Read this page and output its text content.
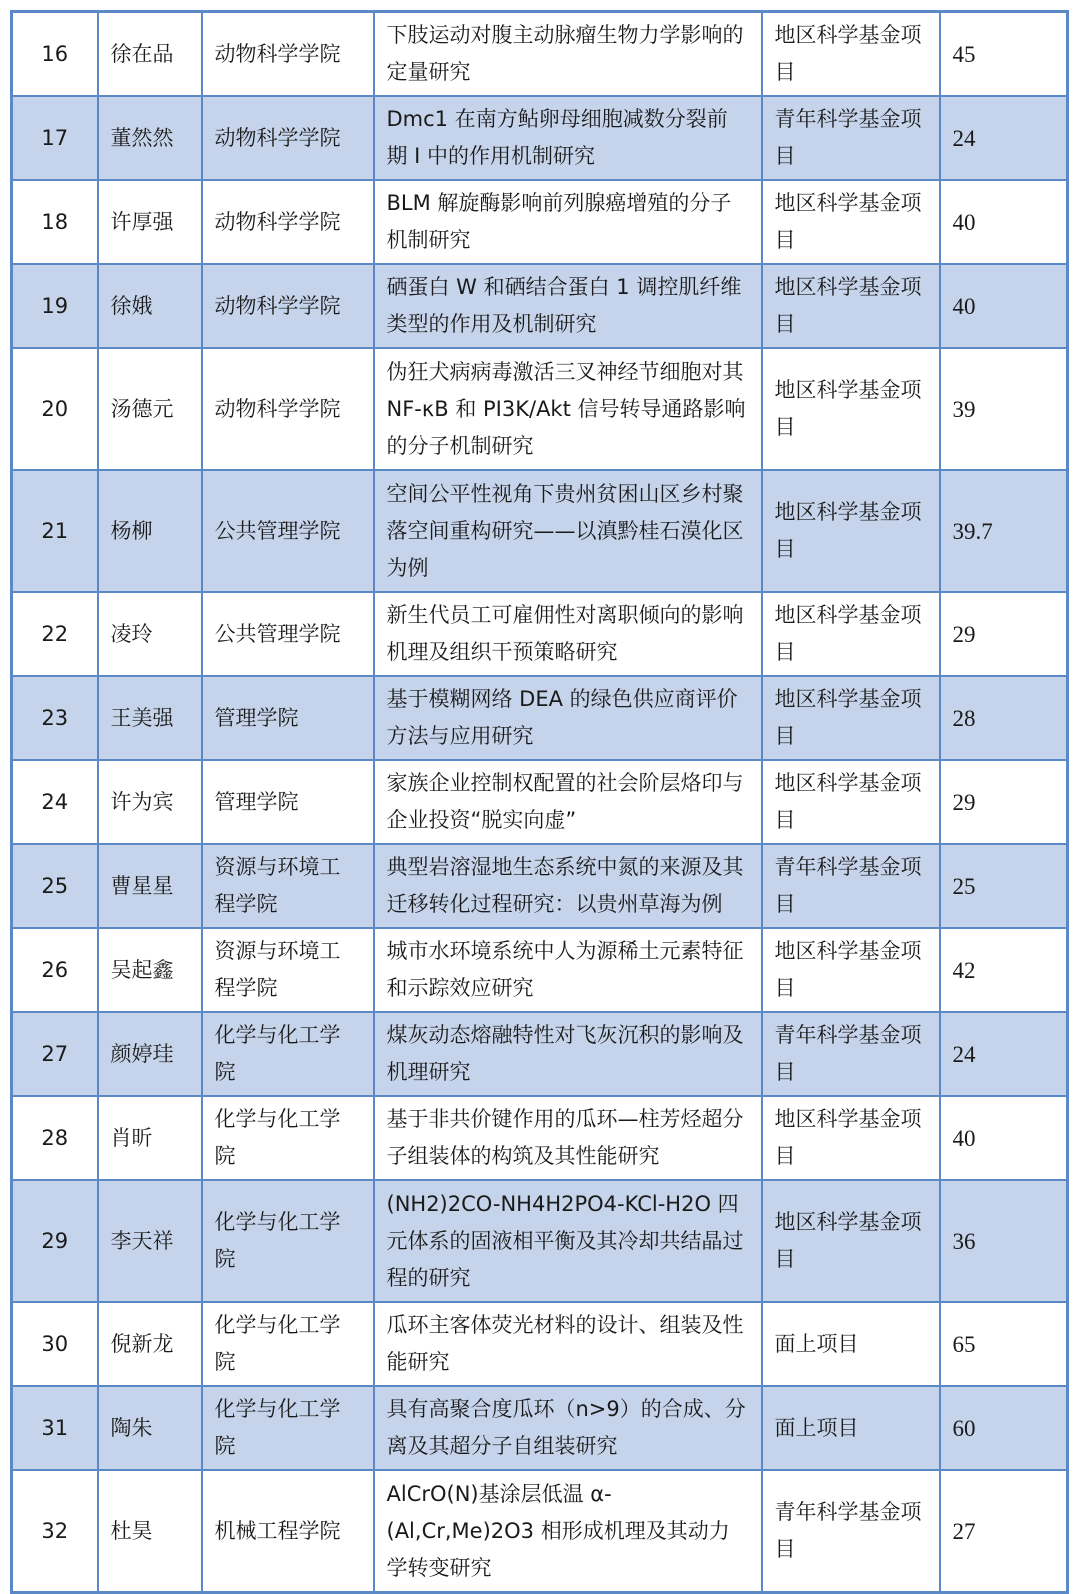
16	徐在品	动物科学学院	下肢运动对腹主动脉瘤生物力学影响的定量研究	地区科学基金项目	45
17	董然然	动物科学学院	Dmc1 在南方鲇卵母细胞减数分裂前期 I 中的作用机制研究	青年科学基金项目	24
18	许厚强	动物科学学院	BLM 解旋酶影响前列腺癌增殖的分子机制研究	地区科学基金项目	40
19	徐娥	动物科学学院	硒蛋白 W 和硒结合蛋白 1 调控肌纤维类型的作用及机制研究	地区科学基金项目	40
20	汤德元	动物科学学院	伪狂犬病病毒激活三叉神经节细胞对其 NF-κB 和 PI3K/Akt 信号转导通路影响的分子机制研究	地区科学基金项目	39
21	杨柳	公共管理学院	空间公平性视角下贵州贫困山区乡村聚落空间重构研究——以滇黔桂石漠化区为例	地区科学基金项目	39.7
22	凌玲	公共管理学院	新生代员工可雇佣性对离职倾向的影响机理及组织干预策略研究	地区科学基金项目	29
23	王美强	管理学院	基于模糊网络 DEA 的绿色供应商评价方法与应用研究	地区科学基金项目	28
24	许为宾	管理学院	家族企业控制权配置的社会阶层烙印与企业投资“脱实向虚”	地区科学基金项目	29
25	曹星星	资源与环境工程学院	典型岩溶湿地生态系统中氮的来源及其迁移转化过程研究：以贵州草海为例	青年科学基金项目	25
26	吴起鑫	资源与环境工程学院	城市水环境系统中人为源稀土元素特征和示踪效应研究	地区科学基金项目	42
27	颜婷珪	化学与化工学院	煤灰动态熔融特性对飞灰沉积的影响及机理研究	青年科学基金项目	24
28	肖昕	化学与化工学院	基于非共价键作用的瓜环—柱芳烃超分子组装体的构筑及其性能研究	地区科学基金项目	40
29	李天祥	化学与化工学院	(NH2)2CO-NH4H2PO4-KCl-H2O 四元体系的固液相平衡及其冷却共结晶过程的研究	地区科学基金项目	36
30	倪新龙	化学与化工学院	瓜环主客体荧光材料的设计、组装及性能研究	面上项目	65
31	陶朱	化学与化工学院	具有高聚合度瓜环（n>9）的合成、分离及其超分子自组装研究	面上项目	60
32	杜昊	机械工程学院	AlCrO(N)基涂层低温 α-(Al,Cr,Me)2O3 相形成机理及其动力学转变研究	青年科学基金项目	27
